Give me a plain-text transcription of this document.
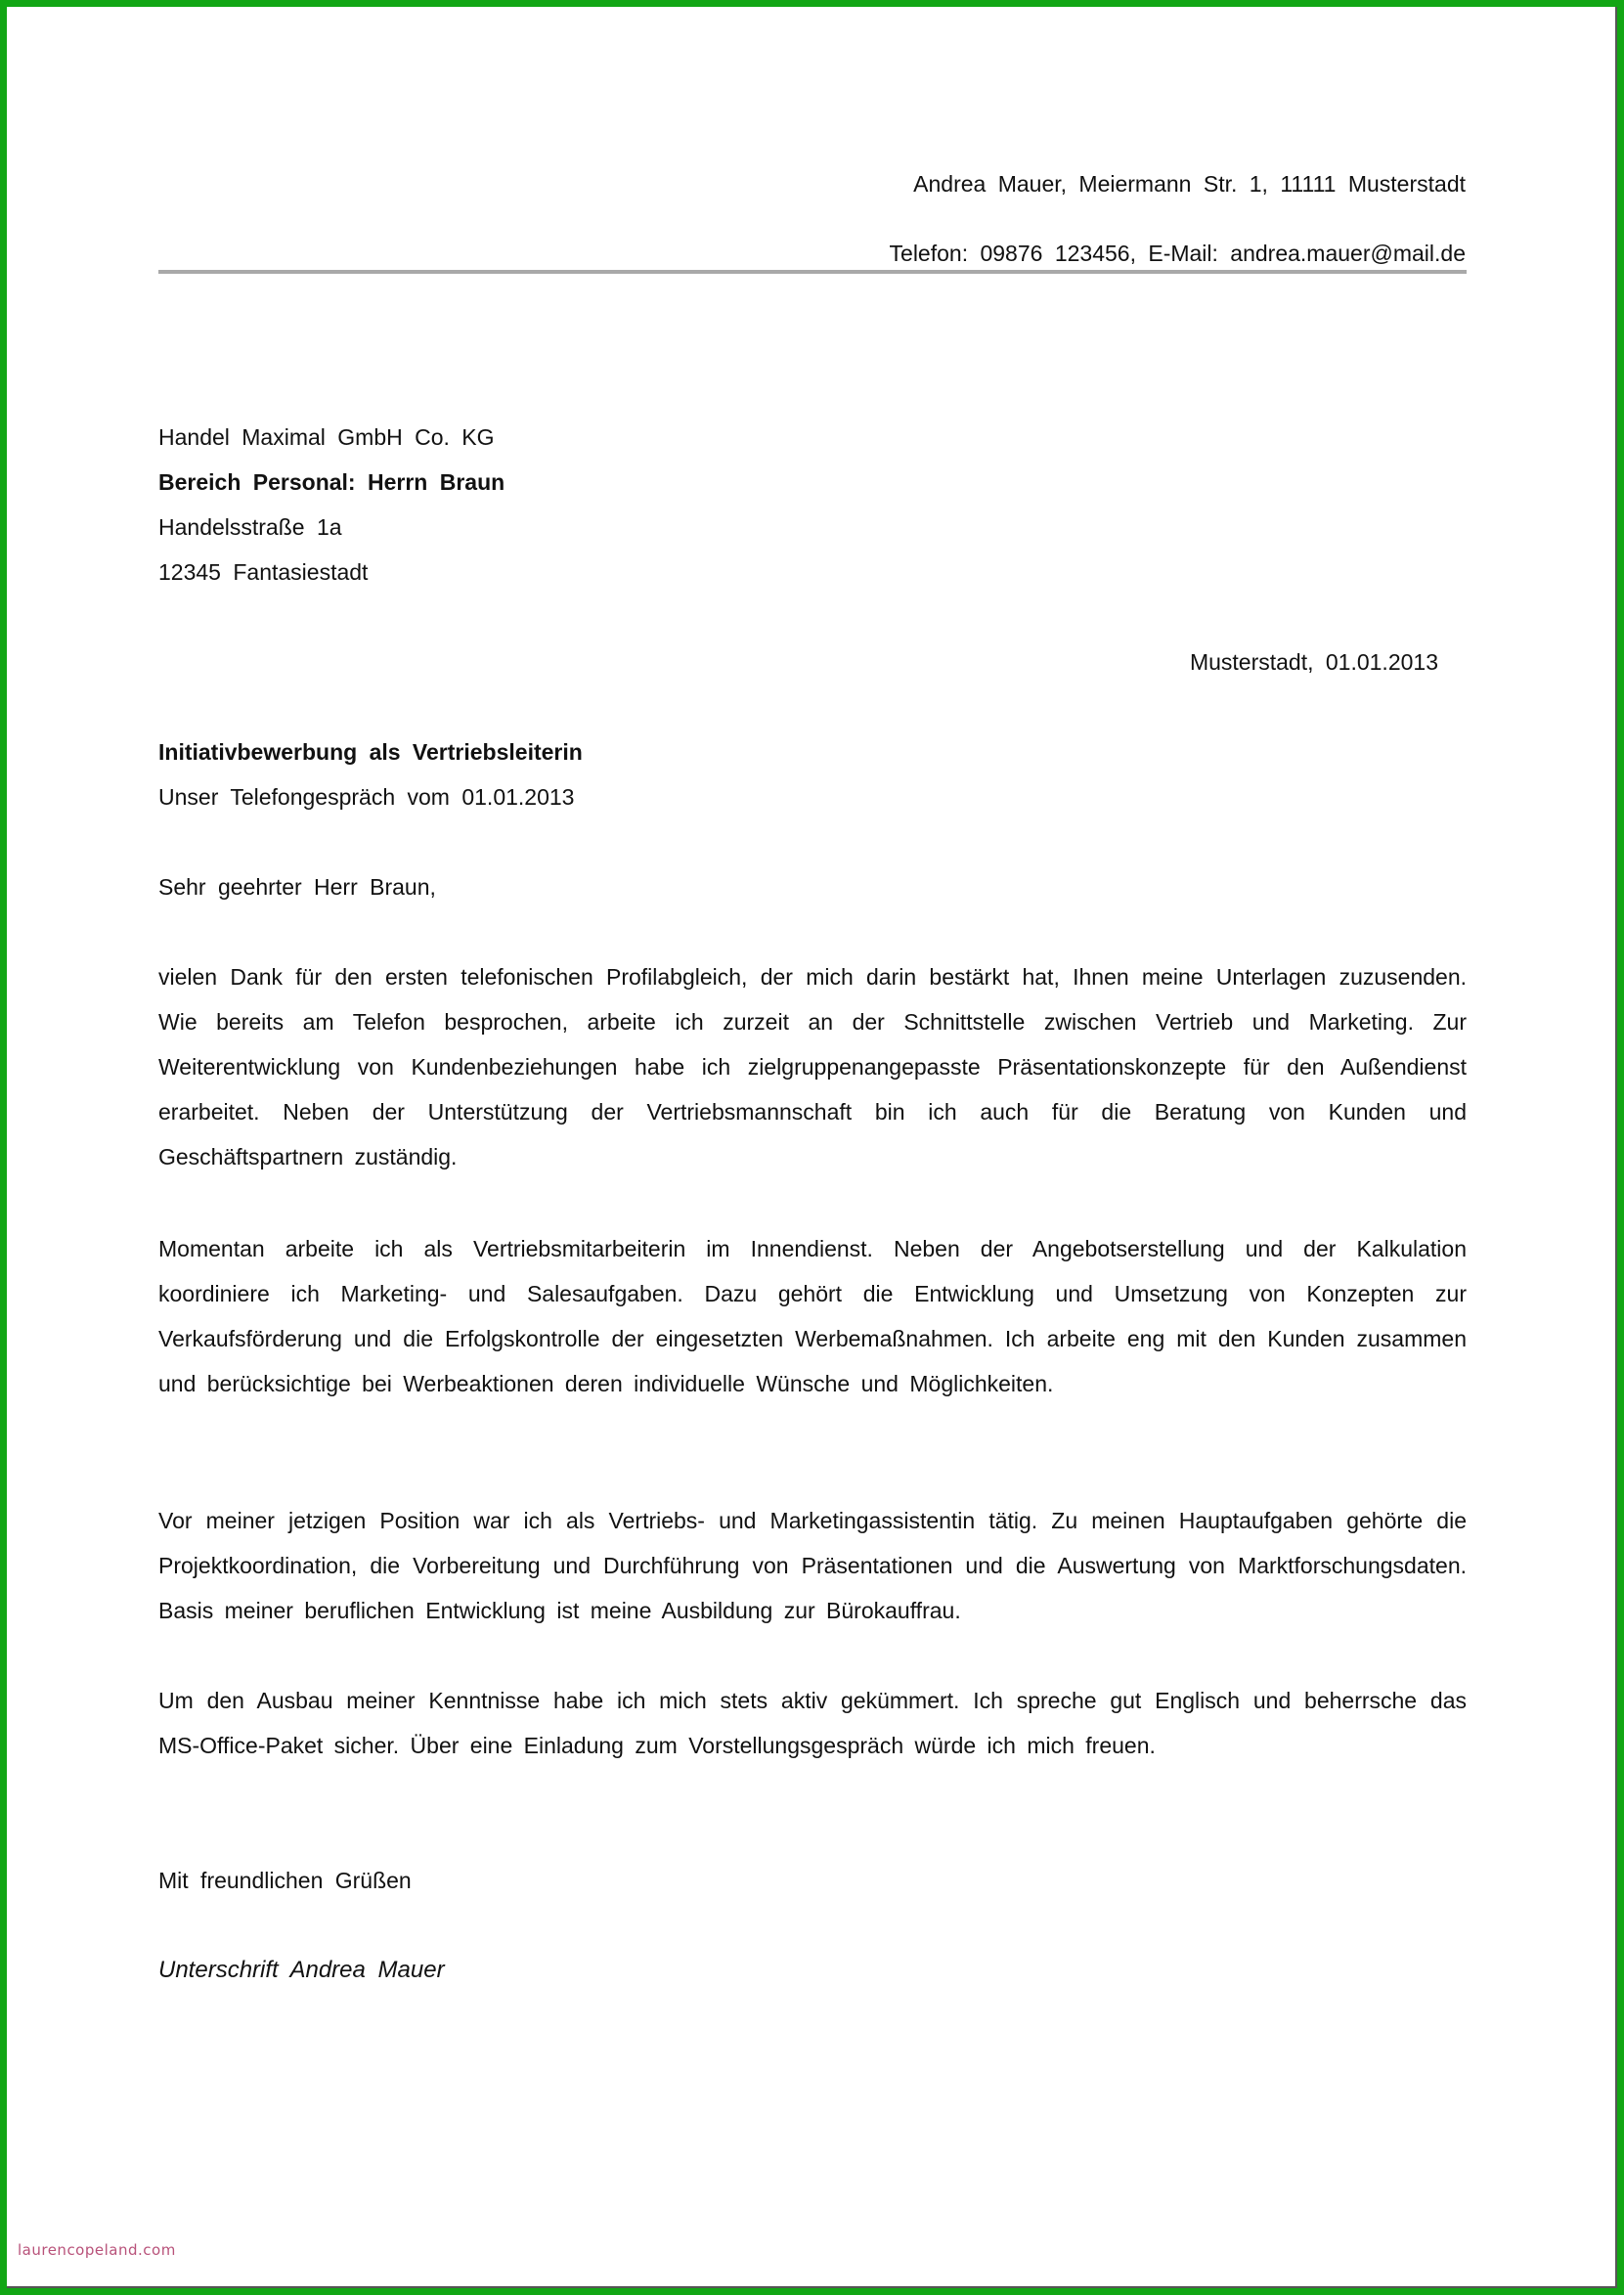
Andrea Mauer, Meiermann Str. 1, 11111 Musterstadt
Telefon: 09876 123456, E-Mail: andrea.mauer@mail.de
Handel Maximal GmbH Co. KG
Bereich Personal: Herrn Braun
Handelsstraße 1a
12345 Fantasiestadt
Musterstadt, 01.01.2013
Initiativbewerbung als Vertriebsleiterin
Unser Telefongespräch vom 01.01.2013
Sehr geehrter Herr Braun,
vielen Dank für den ersten telefonischen Profilabgleich, der mich darin bestärkt hat, Ihnen meine Unterlagen zuzusenden. Wie bereits am Telefon besprochen, arbeite ich zurzeit an der Schnittstelle zwischen Vertrieb und Marketing. Zur Weiterentwicklung von Kundenbeziehungen habe ich zielgruppenangepasste Präsentationskonzepte für den Außendienst erarbeitet. Neben der Unterstützung der Vertriebsmannschaft bin ich auch für die Beratung von Kunden und Geschäftspartnern zuständig.
Momentan arbeite ich als Vertriebsmitarbeiterin im Innendienst. Neben der Angebotserstellung und der Kalkulation koordiniere ich Marketing- und Salesaufgaben. Dazu gehört die Entwicklung und Umsetzung von Konzepten zur Verkaufsförderung und die Erfolgskontrolle der eingesetzten Werbemaßnahmen. Ich arbeite eng mit den Kunden zusammen und berücksichtige bei Werbeaktionen deren individuelle Wünsche und Möglichkeiten.
Vor meiner jetzigen Position war ich als Vertriebs- und Marketingassistentin tätig. Zu meinen Hauptaufgaben gehörte die Projektkoordination, die Vorbereitung und Durchführung von Präsentationen und die Auswertung von Marktforschungsdaten. Basis meiner beruflichen Entwicklung ist meine Ausbildung zur Bürokauffrau.
Um den Ausbau meiner Kenntnisse habe ich mich stets aktiv gekümmert. Ich spreche gut Englisch und beherrsche das MS-Office-Paket sicher. Über eine Einladung zum Vorstellungsgespräch würde ich mich freuen.
Mit freundlichen Grüßen
Unterschrift Andrea Mauer
laurencopeland.com
